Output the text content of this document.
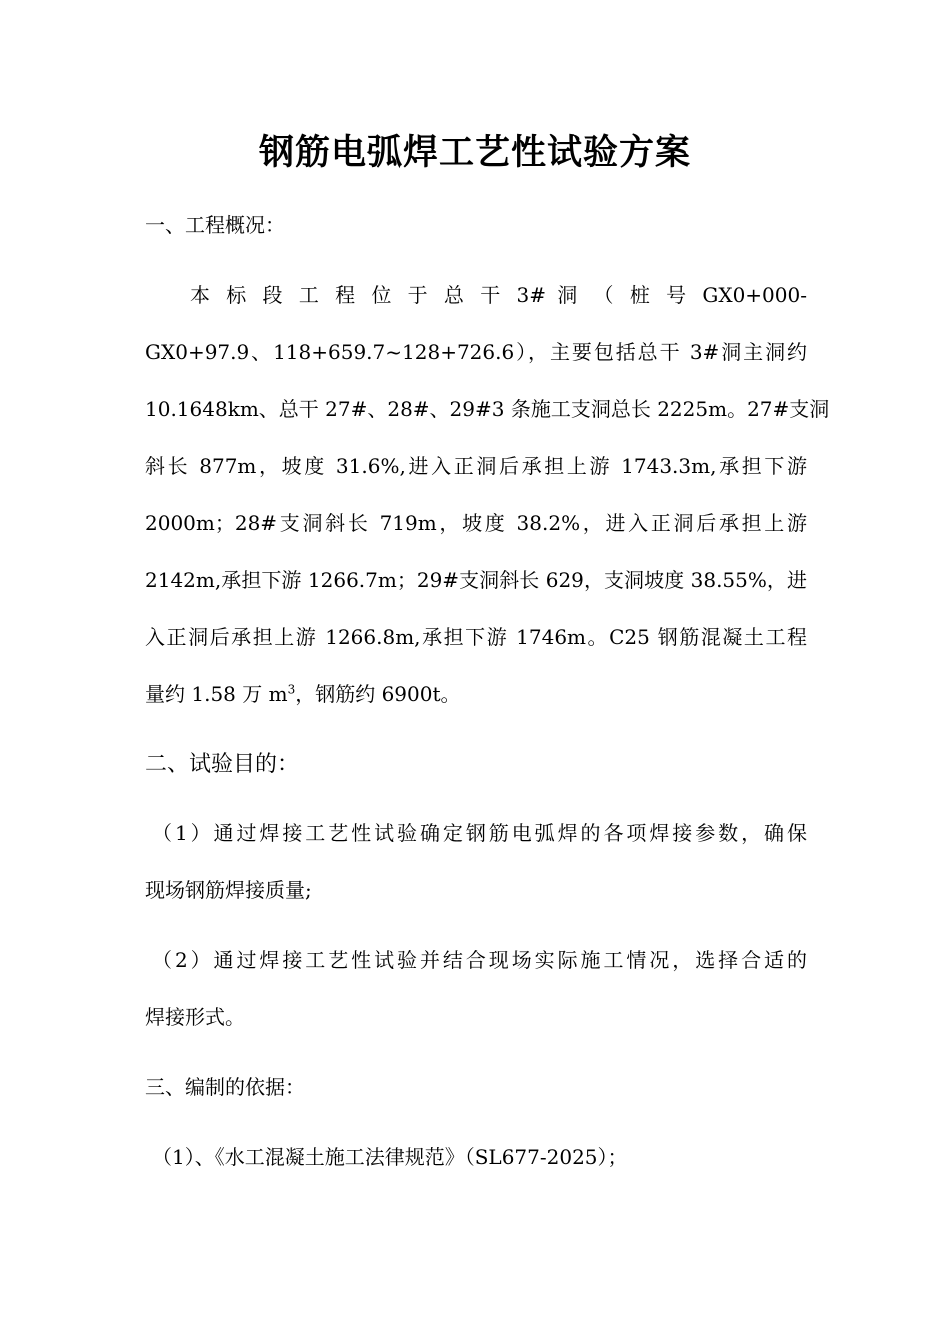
钢筋电弧焊工艺性试验方案
一、工程概况：
本 标 段 工 程 位 于 总 干 3# 洞 （ 桩 号 GX0+000-
GX0+97.9、118+659.7~128+726.6），主要包括总干 3#洞主洞约
10.1648km、总干 27#、28#、29#3 条施工支洞总长 2225m。27#支洞
斜长 877m，坡度 31.6%,进入正洞后承担上游 1743.3m,承担下游
2000m；28#支洞斜长 719m，坡度 38.2%，进入正洞后承担上游
2142m,承担下游 1266.7m；29#支洞斜长 629，支洞坡度 38.55%，进
入正洞后承担上游 1266.8m,承担下游 1746m。C25 钢筋混凝土工程
量约 1.58 万 $m^3$，钢筋约 6900t。
二、试验目的：
（1）通过焊接工艺性试验确定钢筋电弧焊的各项焊接参数，确保
现场钢筋焊接质量;
（2）通过焊接工艺性试验并结合现场实际施工情况，选择合适的
焊接形式。
三、编制的依据：
（1）、《水工混凝土施工法律规范》（SL677-2025）；
